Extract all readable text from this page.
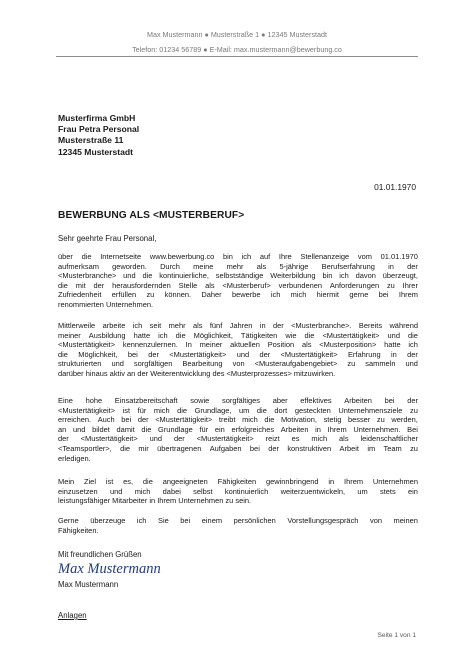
Max Mustermann ● Musterstraße 1 ● 12345 Musterstadt
Telefon: 01234 56789 ● E-Mail: max.mustermann@bewerbung.co
Musterfirma GmbH
Frau Petra Personal
Musterstraße 11
12345 Musterstadt
01.01.1970
BEWERBUNG ALS <MUSTERBERUF>
Sehr geehrte Frau Personal,
über die Internetseite www.bewerbung.co bin ich auf Ihre Stellenanzeige vom 01.01.1970
aufmerksam geworden. Durch meine mehr als 5-jährige Berufserfahrung in der
<Musterbranche> und die kontinuierliche, selbstständige Weiterbildung bin ich davon überzeugt,
die mit der herausfordernden Stelle als <Musterberuf> verbundenen Anforderungen zu Ihrer
Zufriedenheit erfüllen zu können. Daher bewerbe ich mich hiermit gerne bei Ihrem
renommierten Unternehmen.
Mittlerweile arbeite ich seit mehr als fünf Jahren in der <Musterbranche>. Bereits während
meiner Ausbildung hatte ich die Möglichkeit, Tätigkeiten wie die <Mustertätigkeit> und die
<Mustertätigkeit> kennenzulernen. In meiner aktuellen Position als <Musterposition> hatte ich
die Möglichkeit, bei der <Mustertätigkeit> und der <Mustertätigkeit> Erfahrung in der
strukturierten und sorgfältigen Bearbeitung von <Musteraufgabengebiet> zu sammeln und
darüber hinaus aktiv an der Weiterentwicklung des <Musterprozesses> mitzuwirken.
Eine hohe Einsatzbereitschaft sowie sorgfältiges aber effektives Arbeiten bei der
<Mustertätigkeit> ist für mich die Grundlage, um die dort gesteckten Unternehmensziele zu
erreichen. Auch bei der <Mustertätigkeit> treibt mich die Motivation, stetig besser zu werden,
an und bildet damit die Grundlage für ein erfolgreiches Arbeiten in Ihrem Unternehmen. Bei
der <Mustertätigkeit> und der <Mustertätigkeit> reizt es mich als leidenschaftlicher
<Teamsportler>, die mir übertragenen Aufgaben bei der konstruktiven Arbeit im Team zu
erledigen.
Mein Ziel ist es, die angeeigneten Fähigkeiten gewinnbringend in Ihrem Unternehmen
einzusetzen und mich dabei selbst kontinuierlich weiterzuentwickeln, um stets ein
leistungsfähiger Mitarbeiter in Ihrem Unternehmen zu sein.
Gerne überzeuge ich Sie bei einem persönlichen Vorstellungsgespräch von meinen
Fähigkeiten.
Mit freundlichen Grüßen
Max Mustermann
Max Mustermann
Anlagen
Seite 1 von 1
